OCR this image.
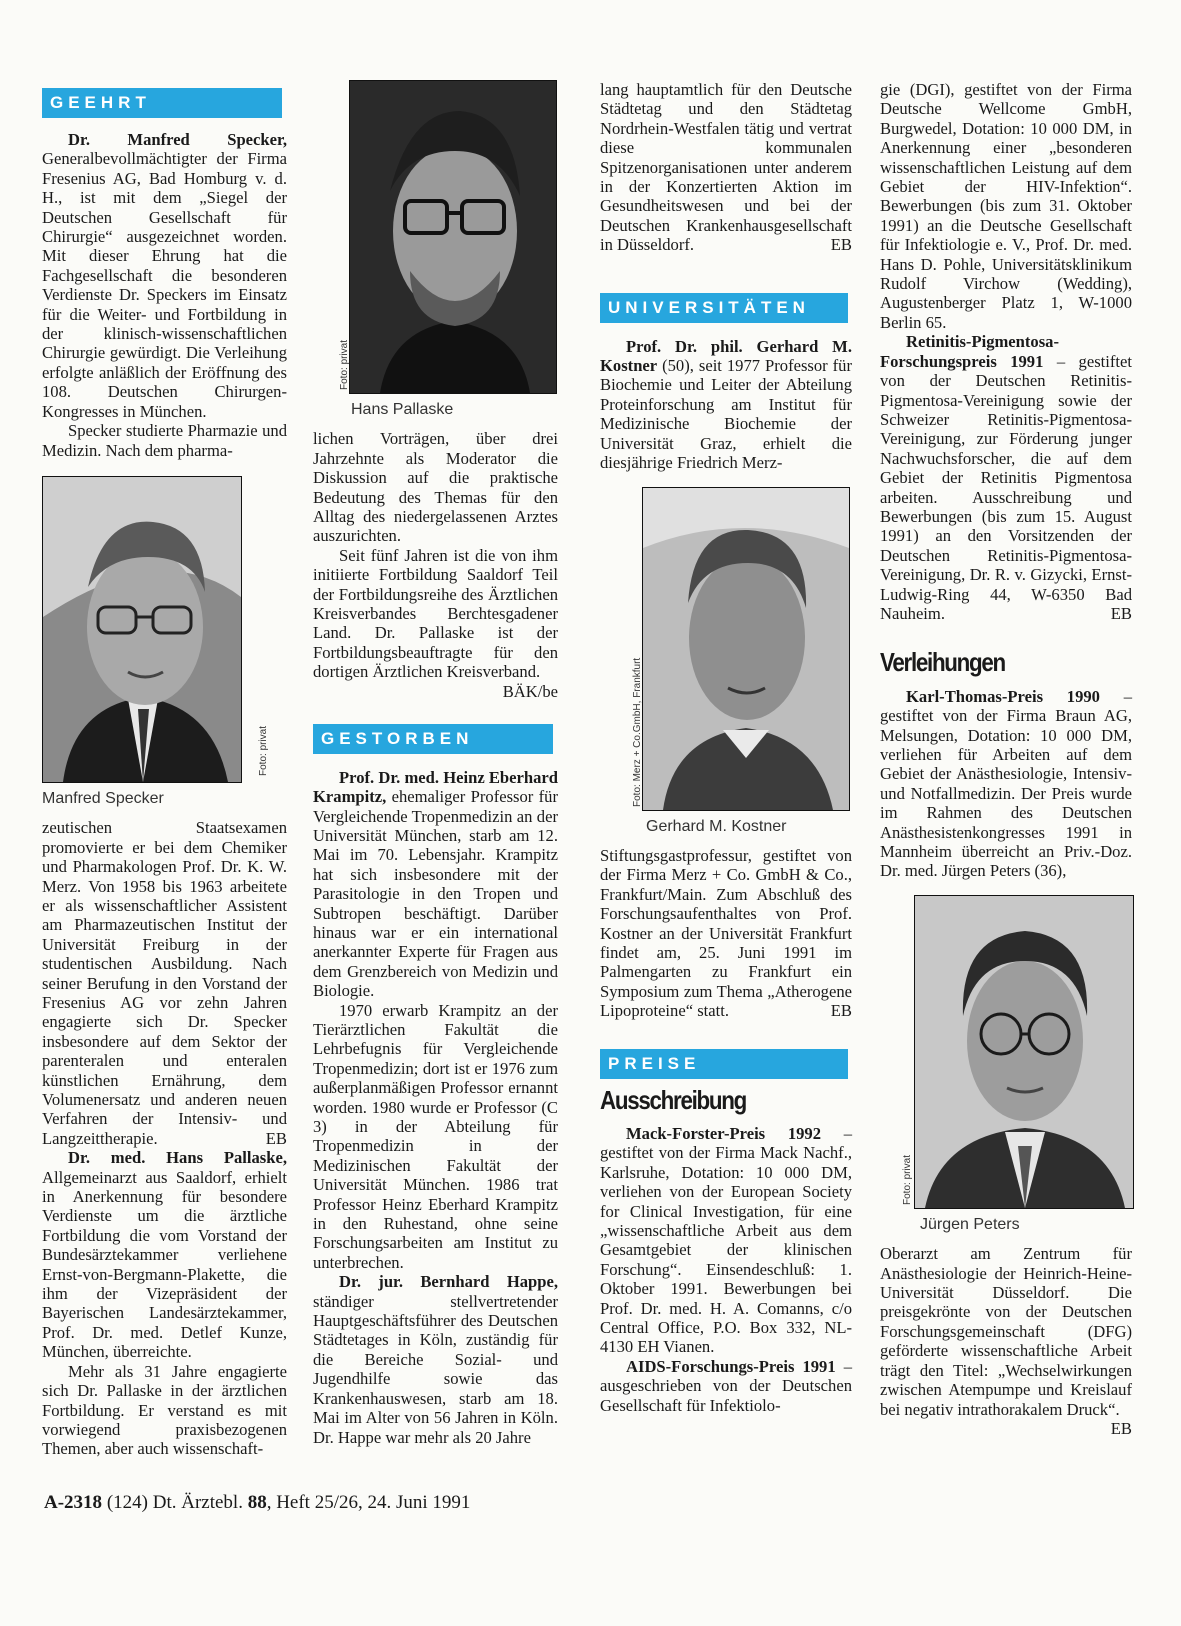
GEEHRT

Dr. Manfred Specker, Generalbevollmächtigter der Firma Fresenius AG, Bad Homburg v. d. H., ist mit dem „Siegel der Deutschen Gesellschaft für Chirurgie“ ausgezeichnet worden. Mit dieser Ehrung hat die Fachgesellschaft die besonderen Verdienste Dr. Speckers im Einsatz für die Weiter- und Fortbildung in der klinisch-wissenschaftlichen Chirurgie gewürdigt. Die Verleihung erfolgte anläßlich der Eröffnung des 108. Deutschen Chirurgen-Kongresses in München.

Specker studierte Pharmazie und Medizin. Nach dem pharma-

Foto: privat
Manfred Specker

zeutischen Staatsexamen promovierte er bei dem Chemiker und Pharmakologen Prof. Dr. K. W. Merz. Von 1958 bis 1963 arbeitete er als wissenschaftlicher Assistent am Pharmazeutischen Institut der Universität Freiburg in der studentischen Ausbildung. Nach seiner Berufung in den Vorstand der Fresenius AG vor zehn Jahren engagierte sich Dr. Specker insbesondere auf dem Sektor der parenteralen und enteralen künstlichen Ernährung, dem Volumenersatz und anderen neuen Verfahren der Intensiv- und Langzeittherapie.	EB

Dr. med. Hans Pallaske, Allgemeinarzt aus Saaldorf, erhielt in Anerkennung für besondere Verdienste um die ärztliche Fortbildung die vom Vorstand der Bundesärztekammer verliehene Ernst-von-Bergmann-Plakette, die ihm der Vizepräsident der Bayerischen Landesärztekammer, Prof. Dr. med. Detlef Kunze, München, überreichte.

Mehr als 31 Jahre engagierte sich Dr. Pallaske in der ärztlichen Fortbildung. Er verstand es mit vorwiegend praxisbezogenen Themen, aber auch wissenschaft-

Foto: privat
Hans Pallaske

lichen Vorträgen, über drei Jahrzehnte als Moderator die Diskussion auf die praktische Bedeutung des Themas für den Alltag des niedergelassenen Arztes auszurichten.

Seit fünf Jahren ist die von ihm initiierte Fortbildung Saaldorf Teil der Fortbildungsreihe des Ärztlichen Kreisverbandes Berchtesgadener Land. Dr. Pallaske ist der Fortbildungsbeauftragte für den dortigen Ärztlichen Kreisverband.
BÄK/be

GESTORBEN

Prof. Dr. med. Heinz Eberhard Krampitz, ehemaliger Professor für Vergleichende Tropenmedizin an der Universität München, starb am 12. Mai im 70. Lebensjahr. Krampitz hat sich insbesondere mit der Parasitologie in den Tropen und Subtropen beschäftigt. Darüber hinaus war er ein international anerkannter Experte für Fragen aus dem Grenzbereich von Medizin und Biologie.

1970 erwarb Krampitz an der Tierärztlichen Fakultät die Lehrbefugnis für Vergleichende Tropenmedizin; dort ist er 1976 zum außerplanmäßigen Professor ernannt worden. 1980 wurde er Professor (C 3) in der Abteilung für Tropenmedizin in der Medizinischen Fakultät der Universität München. 1986 trat Professor Heinz Eberhard Krampitz in den Ruhestand, ohne seine Forschungsarbeiten am Institut zu unterbrechen.

Dr. jur. Bernhard Happe, ständiger stellvertretender Hauptgeschäftsführer des Deutschen Städtetages in Köln, zuständig für die Bereiche Sozial- und Jugendhilfe sowie das Krankenhauswesen, starb am 18. Mai im Alter von 56 Jahren in Köln. Dr. Happe war mehr als 20 Jahre

lang hauptamtlich für den Deutsche Städtetag und den Städtetag Nordrhein-Westfalen tätig und vertrat diese kommunalen Spitzenorganisationen unter anderem in der Konzertierten Aktion im Gesundheitswesen und bei der Deutschen Krankenhausgesellschaft in Düsseldorf.	EB

UNIVERSITÄTEN

Prof. Dr. phil. Gerhard M. Kostner (50), seit 1977 Professor für Biochemie und Leiter der Abteilung Proteinforschung am Institut für Medizinische Biochemie der Universität Graz, erhielt die diesjährige Friedrich Merz-

Foto: Merz + Co.GmbH, Frankfurt
Gerhard M. Kostner

Stiftungsgastprofessur, gestiftet von der Firma Merz + Co. GmbH & Co., Frankfurt/Main. Zum Abschluß des Forschungsaufenthaltes von Prof. Kostner an der Universität Frankfurt findet am, 25. Juni 1991 im Palmengarten zu Frankfurt ein Symposium zum Thema „Atherogene Lipoproteine“ statt.	EB

PREISE
Ausschreibung

Mack-Forster-Preis 1992 – gestiftet von der Firma Mack Nachf., Karlsruhe, Dotation: 10 000 DM, verliehen von der European Society for Clinical Investigation, für eine „wissenschaftliche Arbeit aus dem Gesamtgebiet der klinischen Forschung“. Einsendeschluß: 1. Oktober 1991. Bewerbungen bei Prof. Dr. med. H. A. Comanns, c/o Central Office, P.O. Box 332, NL-4130 EH Vianen.

AIDS-Forschungs-Preis 1991 – ausgeschrieben von der Deutschen Gesellschaft für Infektiolo-

gie (DGI), gestiftet von der Firma Deutsche Wellcome GmbH, Burgwedel, Dotation: 10 000 DM, in Anerkennung einer „besonderen wissenschaftlichen Leistung auf dem Gebiet der HIV-Infektion“. Bewerbungen (bis zum 31. Oktober 1991) an die Deutsche Gesellschaft für Infektiologie e. V., Prof. Dr. med. Hans D. Pohle, Universitätsklinikum Rudolf Virchow (Wedding), Augustenberger Platz 1, W-1000 Berlin 65.

Retinitis-Pigmentosa-Forschungspreis 1991 – gestiftet von der Deutschen Retinitis-Pigmentosa-Vereinigung sowie der Schweizer Retinitis-Pigmentosa-Vereinigung, zur Förderung junger Nachwuchsforscher, die auf dem Gebiet der Retinitis Pigmentosa arbeiten. Ausschreibung und Bewerbungen (bis zum 15. August 1991) an den Vorsitzenden der Deutschen Retinitis-Pigmentosa-Vereinigung, Dr. R. v. Gizycki, Ernst-Ludwig-Ring 44, W-6350 Bad Nauheim.	EB

Verleihungen

Karl-Thomas-Preis 1990 – gestiftet von der Firma Braun AG, Melsungen, Dotation: 10 000 DM, verliehen für Arbeiten auf dem Gebiet der Anästhesiologie, Intensiv- und Notfallmedizin. Der Preis wurde im Rahmen des Deutschen Anästhesistenkongresses 1991 in Mannheim überreicht an Priv.-Doz. Dr. med. Jürgen Peters (36),

Foto: privat
Jürgen Peters

Oberarzt am Zentrum für Anästhesiologie der Heinrich-Heine-Universität Düsseldorf. Die preisgekrönte von der Deutschen Forschungsgemeinschaft (DFG) geförderte wissenschaftliche Arbeit trägt den Titel: „Wechselwirkungen zwischen Atempumpe und Kreislauf bei negativ intrathorakalem Druck“.
EB

A-2318 (124) Dt. Ärztebl. 88, Heft 25/26, 24. Juni 1991
